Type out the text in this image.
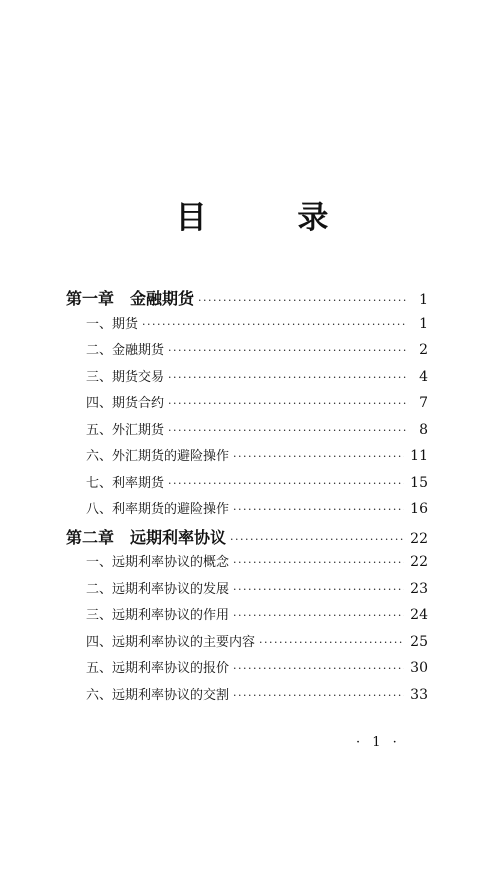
目 录
第一章　金融期货 ·····	1
一、期货 ·····	1
二、金融期货 ·····	2
三、期货交易 ·····	4
四、期货合约 ·····	7
五、外汇期货 ·····	8
六、外汇期货的避险操作 ·····	11
七、利率期货 ·····	15
八、利率期货的避险操作 ·····	16
第二章　远期利率协议 ·····	22
一、远期利率协议的概念 ·····	22
二、远期利率协议的发展 ·····	23
三、远期利率协议的作用 ·····	24
四、远期利率协议的主要内容 ·····	25
五、远期利率协议的报价 ·····	30
六、远期利率协议的交割 ·····	33
· 1 ·
